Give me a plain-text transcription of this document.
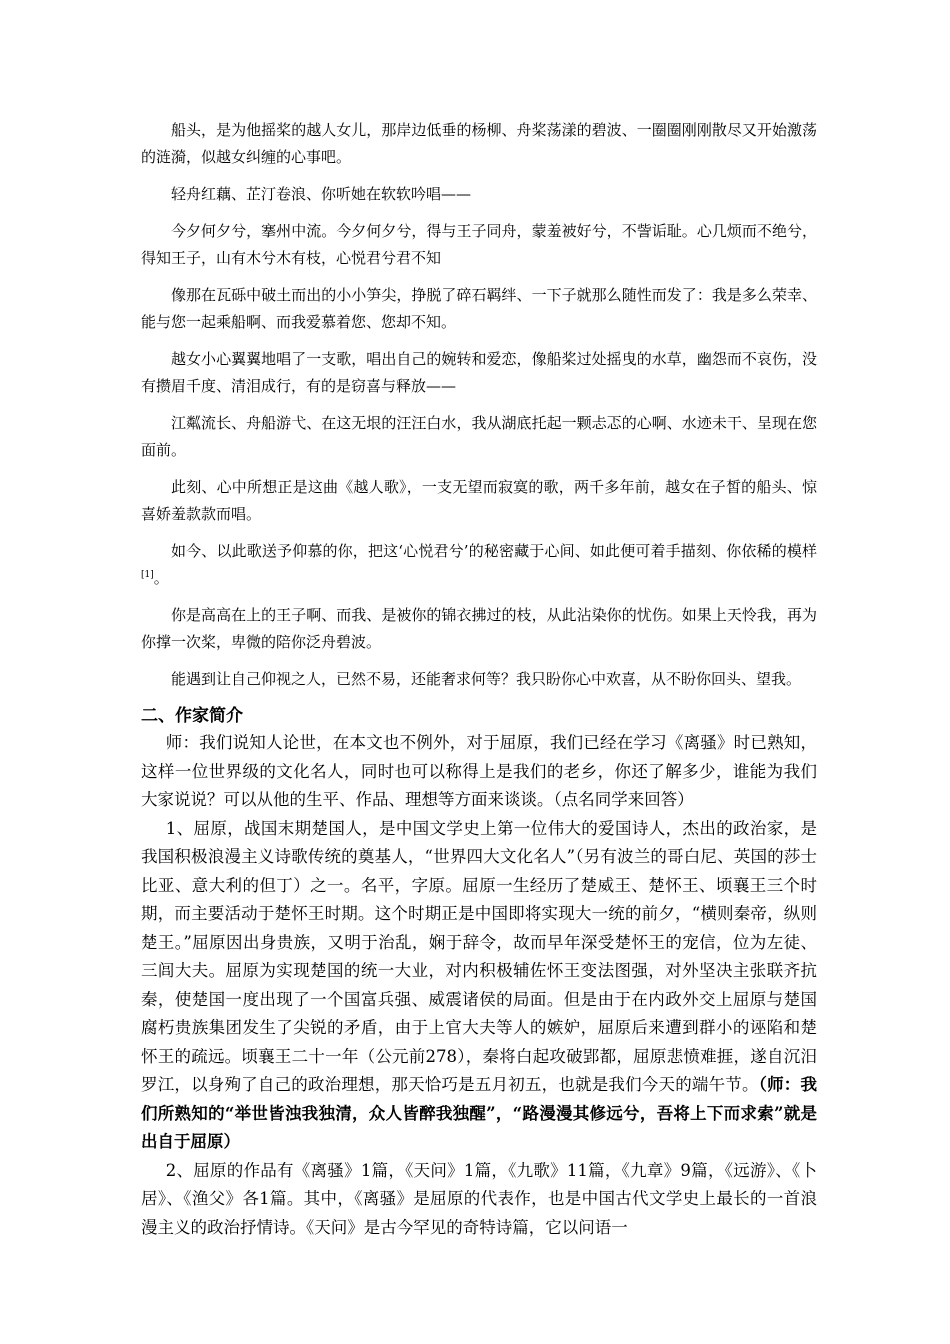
船头，是为他摇桨的越人女儿，那岸边低垂的杨柳、舟桨荡漾的碧波、一圈圈刚刚散尽又开始激荡的涟漪，似越女纠缠的心事吧。

轻舟红藕、芷汀卷浪、你听她在软软吟唱——

今夕何夕兮，搴州中流。今夕何夕兮，得与王子同舟，蒙羞被好兮，不訾诟耻。心几烦而不绝兮，得知王子，山有木兮木有枝，心悦君兮君不知

像那在瓦砾中破土而出的小小笋尖，挣脱了碎石羁绊、一下子就那么随性而发了：我是多么荣幸、能与您一起乘船啊、而我爱慕着您、您却不知。

越女小心翼翼地唱了一支歌，唱出自己的婉转和爱恋，像船桨过处摇曳的水草，幽怨而不哀伤，没有攒眉千度、清泪成行，有的是窃喜与释放——

江粼流长、舟船游弋、在这无垠的汪汪白水，我从湖底托起一颗忐忑的心啊、水迹未干、呈现在您面前。

此刻、心中所想正是这曲《越人歌》，一支无望而寂寞的歌，两千多年前，越女在子皙的船头、惊喜娇羞款款而唱。

如今、以此歌送予仰慕的你，把这‘心悦君兮’的秘密藏于心间、如此便可着手描刻、你依稀的模样[1]。

你是高高在上的王子啊、而我、是被你的锦衣拂过的枝，从此沾染你的忧伤。如果上天怜我，再为你撑一次桨，卑微的陪你泛舟碧波。

能遇到让自己仰视之人，已然不易，还能奢求何等？我只盼你心中欢喜，从不盼你回头、望我。

二、作家简介

师：我们说知人论世，在本文也不例外，对于屈原，我们已经在学习《离骚》时已熟知，这样一位世界级的文化名人，同时也可以称得上是我们的老乡，你还了解多少，谁能为我们大家说说？可以从他的生平、作品、理想等方面来谈谈。（点名同学来回答）

1、屈原，战国末期楚国人，是中国文学史上第一位伟大的爱国诗人，杰出的政治家，是我国积极浪漫主义诗歌传统的奠基人，“世界四大文化名人”（另有波兰的哥白尼、英国的莎士比亚、意大利的但丁）之一。名平，字原。屈原一生经历了楚威王、楚怀王、顷襄王三个时期，而主要活动于楚怀王时期。这个时期正是中国即将实现大一统的前夕，“横则秦帝，纵则楚王。”屈原因出身贵族，又明于治乱，娴于辞令，故而早年深受楚怀王的宠信，位为左徒、三闾大夫。屈原为实现楚国的统一大业，对内积极辅佐怀王变法图强，对外坚决主张联齐抗秦，使楚国一度出现了一个国富兵强、威震诸侯的局面。但是由于在内政外交上屈原与楚国腐朽贵族集团发生了尖锐的矛盾，由于上官大夫等人的嫉妒，屈原后来遭到群小的诬陷和楚怀王的疏远。顷襄王二十一年（公元前278），秦将白起攻破郢都，屈原悲愤难捱，遂自沉汨罗江，以身殉了自己的政治理想，那天恰巧是五月初五，也就是我们今天的端午节。（师：我们所熟知的“举世皆浊我独清，众人皆醉我独醒”，“路漫漫其修远兮，吾将上下而求索”就是出自于屈原）

2、屈原的作品有《离骚》1篇，《天问》1篇，《九歌》11篇，《九章》9篇，《远游》、《卜居》、《渔父》各1篇。其中，《离骚》是屈原的代表作，也是中国古代文学史上最长的一首浪漫主义的政治抒情诗。《天问》是古今罕见的奇特诗篇，它以问语一
